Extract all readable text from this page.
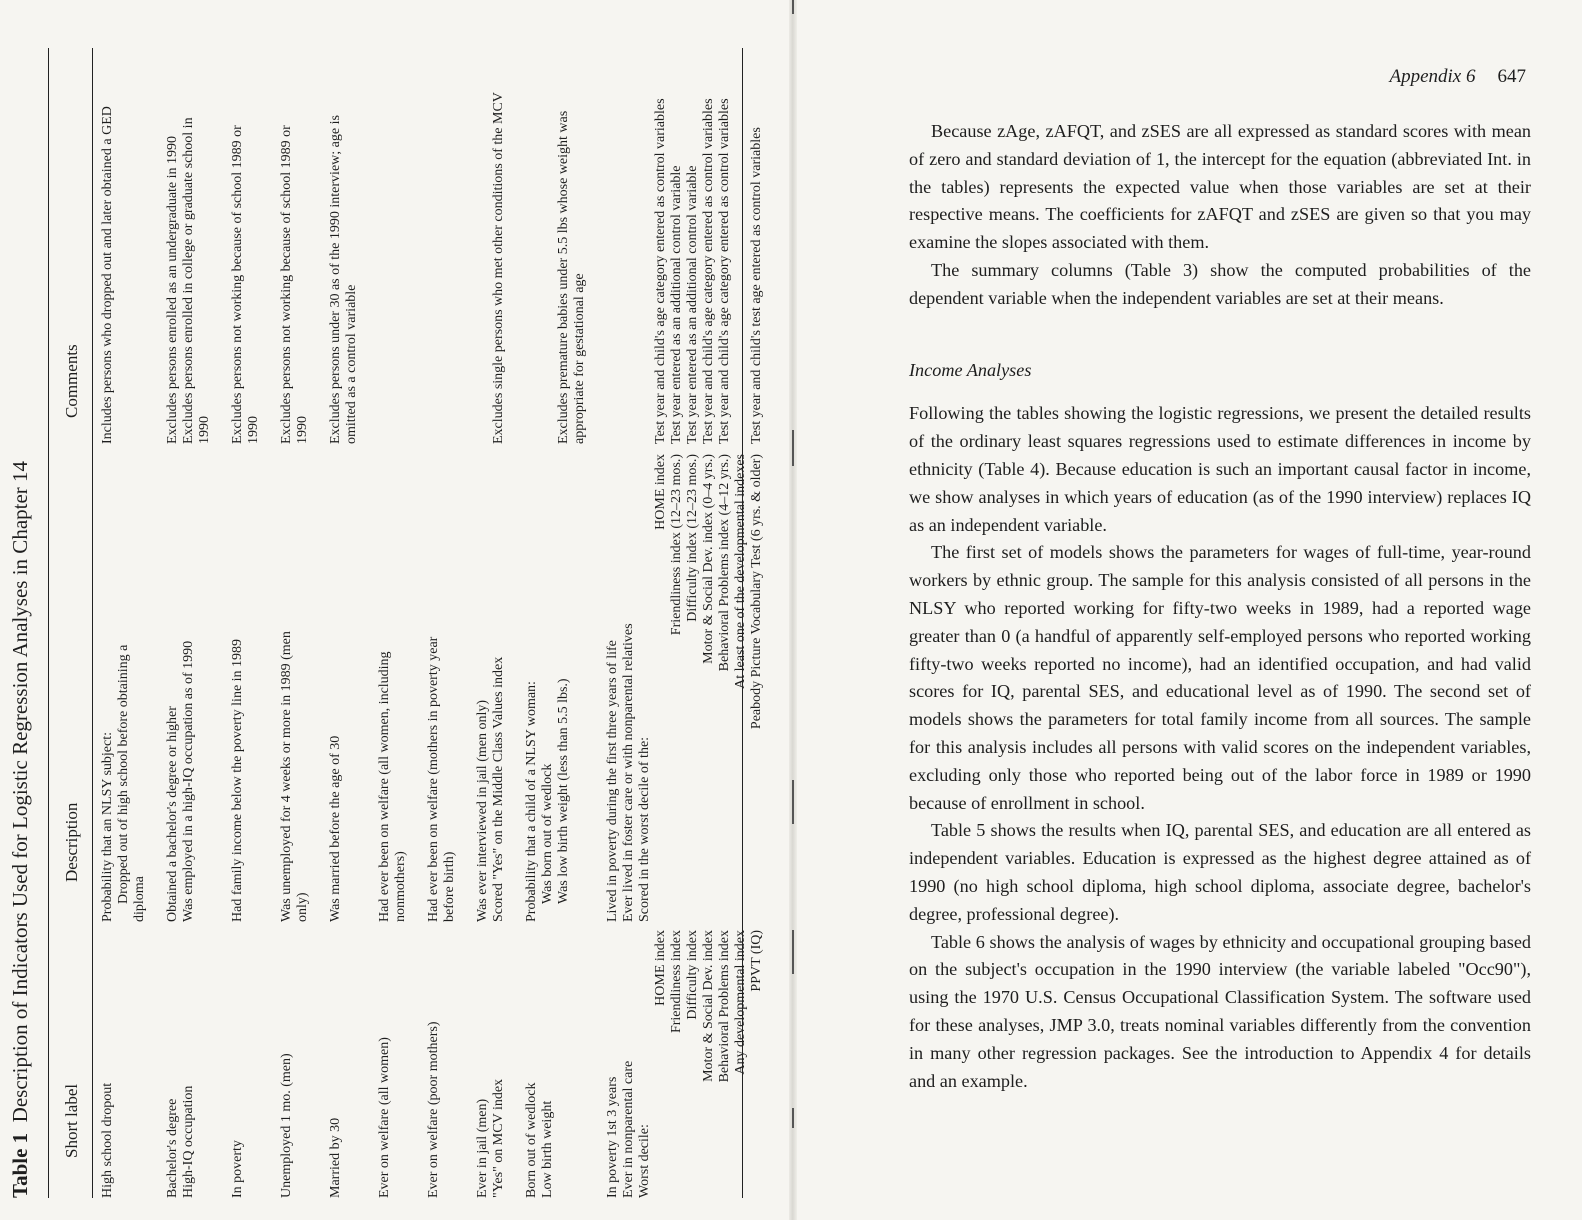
Table 1  Description of Indicators Used for Logistic Regression Analyses in Chapter 14 Short label
Description
Comments
High school dropout
Probability that an NLSY subject: Dropped out of high school before obtaining a diploma
Includes persons who dropped out and later obtained a GED
Bachelor's degree High-IQ occupation
Obtained a bachelor's degree or higher Was employed in a high-IQ occupation as of 1990
Excludes persons enrolled as an undergraduate in 1990 Excludes persons enrolled in college or graduate school in 1990
In poverty
Had family income below the poverty line in 1989
Excludes persons not working because of school 1989 or 1990
Unemployed 1 mo. (men)
Was unemployed for 4 weeks or more in 1989 (men only)
Excludes persons not working because of school 1989 or 1990
Married by 30
Was married before the age of 30
Excludes persons under 30 as of the 1990 interview; age is omitted as a control variable
Ever on welfare (all women)
Had ever been on welfare (all women, including nonmothers)
Ever on welfare (poor mothers)
Had ever been on welfare (mothers in poverty year before birth)
Ever in jail (men) "Yes" on MCV index
Was ever interviewed in jail (men only) Scored "Yes" on the Middle Class Values index

Excludes single persons who met other conditions of the MCV
Born out of wedlock Low birth weight
Probability that a child of a NLSY woman: Was born out of wedlock Was low birth weight (less than 5.5 lbs.)

Excludes premature babies under 5.5 lbs whose weight was appropriate for gestational age
In poverty 1st 3 years Ever in nonparental care Worst decile:
HOME index Friendliness index Difficulty index Motor & Social Dev. index Behavioral Problems index Any developmental index PPVT (IQ)
Lived in poverty during the first three years of life Ever lived in foster care or with nonparental relatives Scored in the worst decile of the:
HOME index Friendliness index (12–23 mos.) Difficulty index (12–23 mos.) Motor & Social Dev. index (0–4 yrs.) Behavioral Problems index (4–12 yrs.) At least one of the developmental indexes Peabody Picture Vocabulary Test (6 yrs. & older)

Test year and child's age category entered as control variables Test year entered as an additional control variable Test year entered as an additional control variable Test year and child's age category entered as control variables Test year and child's age category entered as control variables
Test year and child's test age entered as control variables
Appendix 6 647

Because zAge, zAFQT, and zSES are all expressed as standard scores with mean of zero and standard deviation of 1, the intercept for the equation (abbreviated Int. in the tables) represents the expected value when those variables are set at their respective means. The coefficients for zAFQT and zSES are given so that you may examine the slopes associated with them.

The summary columns (Table 3) show the computed probabilities of the dependent variable when the independent variables are set at their means.

Income Analyses

Following the tables showing the logistic regressions, we present the detailed results of the ordinary least squares regressions used to estimate differences in income by ethnicity (Table 4). Because education is such an important causal factor in income, we show analyses in which years of education (as of the 1990 interview) replaces IQ as an independent variable.

The first set of models shows the parameters for wages of full-time, year-round workers by ethnic group. The sample for this analysis consisted of all persons in the NLSY who reported working for fifty-two weeks in 1989, had a reported wage greater than 0 (a handful of apparently self-employed persons who reported working fifty-two weeks reported no income), had an identified occupation, and had valid scores for IQ, parental SES, and educational level as of 1990. The second set of models shows the parameters for total family income from all sources. The sample for this analysis includes all persons with valid scores on the independent variables, excluding only those who reported being out of the labor force in 1989 or 1990 because of enrollment in school.

Table 5 shows the results when IQ, parental SES, and education are all entered as independent variables. Education is expressed as the highest degree attained as of 1990 (no high school diploma, high school diploma, associate degree, bachelor's degree, professional degree).

Table 6 shows the analysis of wages by ethnicity and occupational grouping based on the subject's occupation in the 1990 interview (the variable labeled "Occ90"), using the 1970 U.S. Census Occupational Classification System. The software used for these analyses, JMP 3.0, treats nominal variables differently from the convention in many other regression packages. See the introduction to Appendix 4 for details and an example.
